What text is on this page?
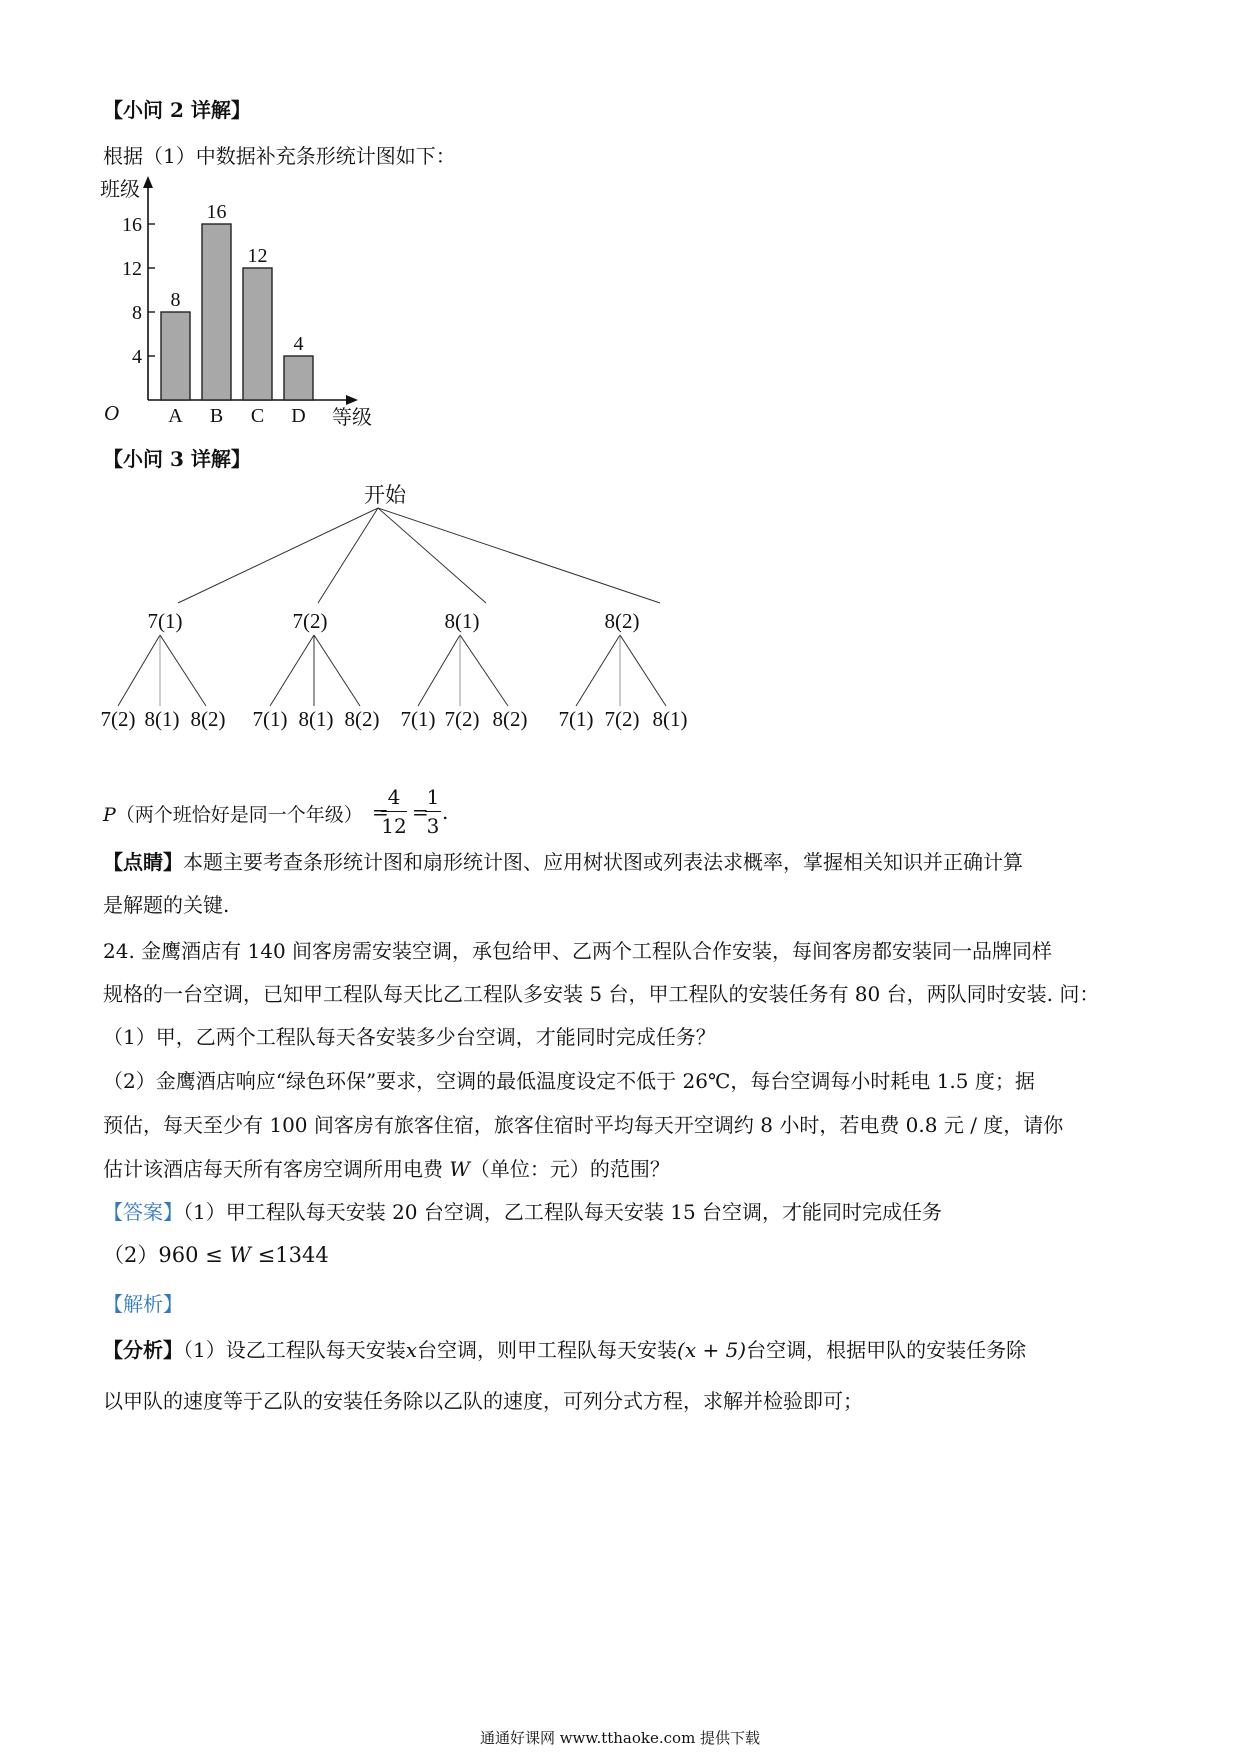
【小问 2 详解】
根据（1）中数据补充条形统计图如下：
班级
等级
O
4
8
12
16
8
A
16
B
12
C
4
D
【小问 3 详解】
开始
7(1)	7(2)	8(1)	8(2)
7(2) 8(1) 8(2) 7(1) 8(1) 8(2) 7(1) 7(2) 8(2) 7(1) 7(2) 8(1)
P（两个班恰好是同一个年级） =
4
12
=
1
3
.
【点睛】本题主要考查条形统计图和扇形统计图、应用树状图或列表法求概率，掌握相关知识并正确计算
是解题的关键.
24. 金鹰酒店有 140 间客房需安装空调，承包给甲、乙两个工程队合作安装，每间客房都安装同一品牌同样
规格的一台空调，已知甲工程队每天比乙工程队多安装 5 台，甲工程队的安装任务有 80 台，两队同时安装. 问：
（1）甲，乙两个工程队每天各安装多少台空调，才能同时完成任务？
（2）金鹰酒店响应“绿色环保”要求，空调的最低温度设定不低于 26℃，每台空调每小时耗电 1.5 度；据
预估，每天至少有 100 间客房有旅客住宿，旅客住宿时平均每天开空调约 8 小时，若电费 0.8 元 / 度，请你
估计该酒店每天所有客房空调所用电费 W（单位：元）的范围？
【答案】（1）甲工程队每天安装 20 台空调，乙工程队每天安装 15 台空调，才能同时完成任务
（2）960 ≤ W ≤1344
【解析】
【分析】（1）设乙工程队每天安装x台空调，则甲工程队每天安装(x + 5)台空调，根据甲队的安装任务除
以甲队的速度等于乙队的安装任务除以乙队的速度，可列分式方程，求解并检验即可；
通通好课网 www.tthaoke.com 提供下载
